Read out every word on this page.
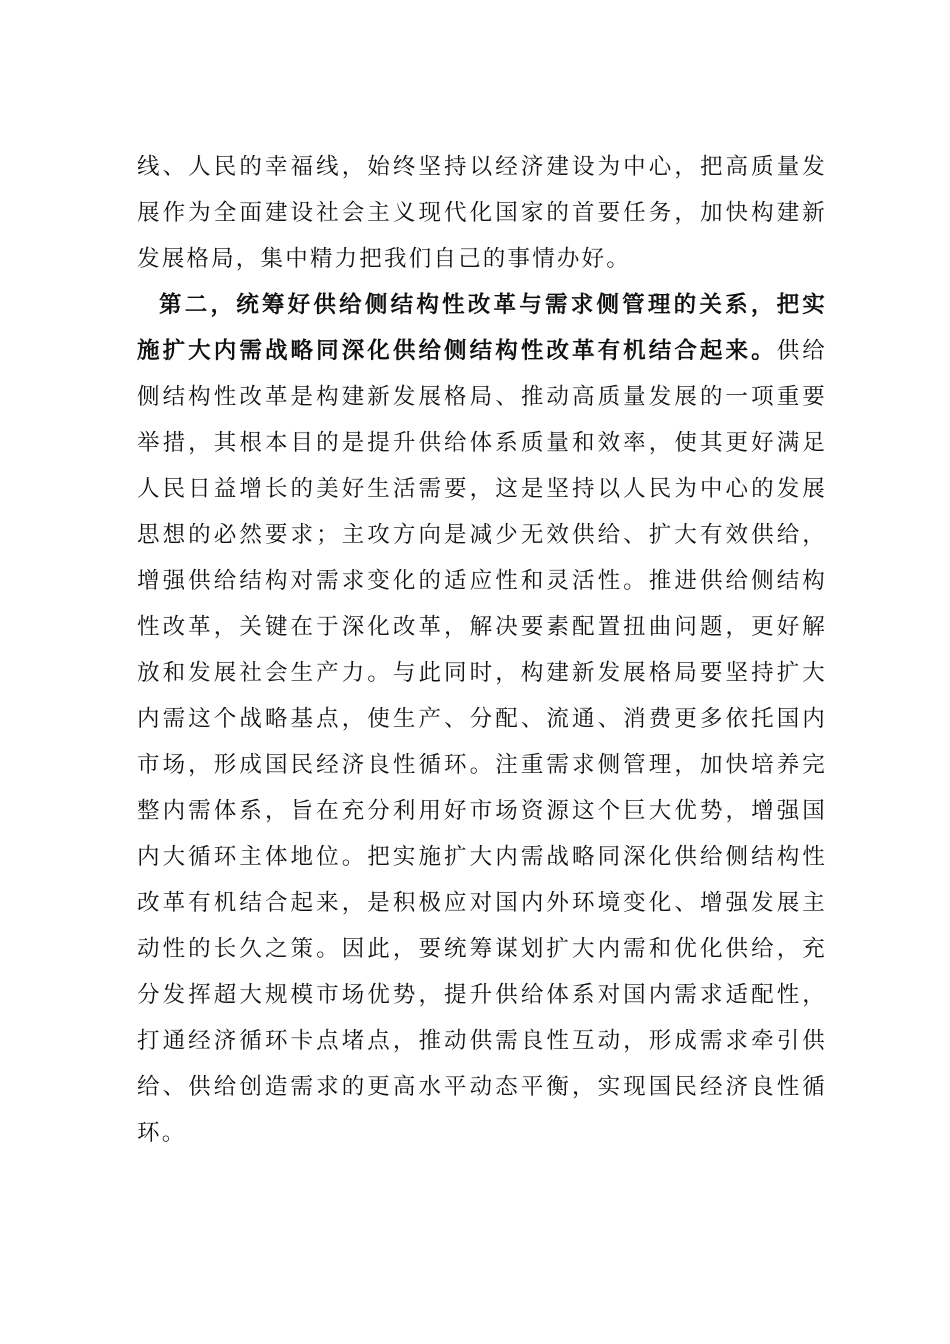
线、人民的幸福线，始终坚持以经济建设为中心，把高质量发
展作为全面建设社会主义现代化国家的首要任务，加快构建新
发展格局，集中精力把我们自己的事情办好。
第二，统筹好供给侧结构性改革与需求侧管理的关系，把实
施扩大内需战略同深化供给侧结构性改革有机结合起来。供给
侧结构性改革是构建新发展格局、推动高质量发展的一项重要
举措，其根本目的是提升供给体系质量和效率，使其更好满足
人民日益增长的美好生活需要，这是坚持以人民为中心的发展
思想的必然要求；主攻方向是减少无效供给、扩大有效供给，
增强供给结构对需求变化的适应性和灵活性。推进供给侧结构
性改革，关键在于深化改革，解决要素配置扭曲问题，更好解
放和发展社会生产力。与此同时，构建新发展格局要坚持扩大
内需这个战略基点，使生产、分配、流通、消费更多依托国内
市场，形成国民经济良性循环。注重需求侧管理，加快培养完
整内需体系，旨在充分利用好市场资源这个巨大优势，增强国
内大循环主体地位。把实施扩大内需战略同深化供给侧结构性
改革有机结合起来，是积极应对国内外环境变化、增强发展主
动性的长久之策。因此，要统筹谋划扩大内需和优化供给，充
分发挥超大规模市场优势，提升供给体系对国内需求适配性，
打通经济循环卡点堵点，推动供需良性互动，形成需求牵引供
给、供给创造需求的更高水平动态平衡，实现国民经济良性循
环。
